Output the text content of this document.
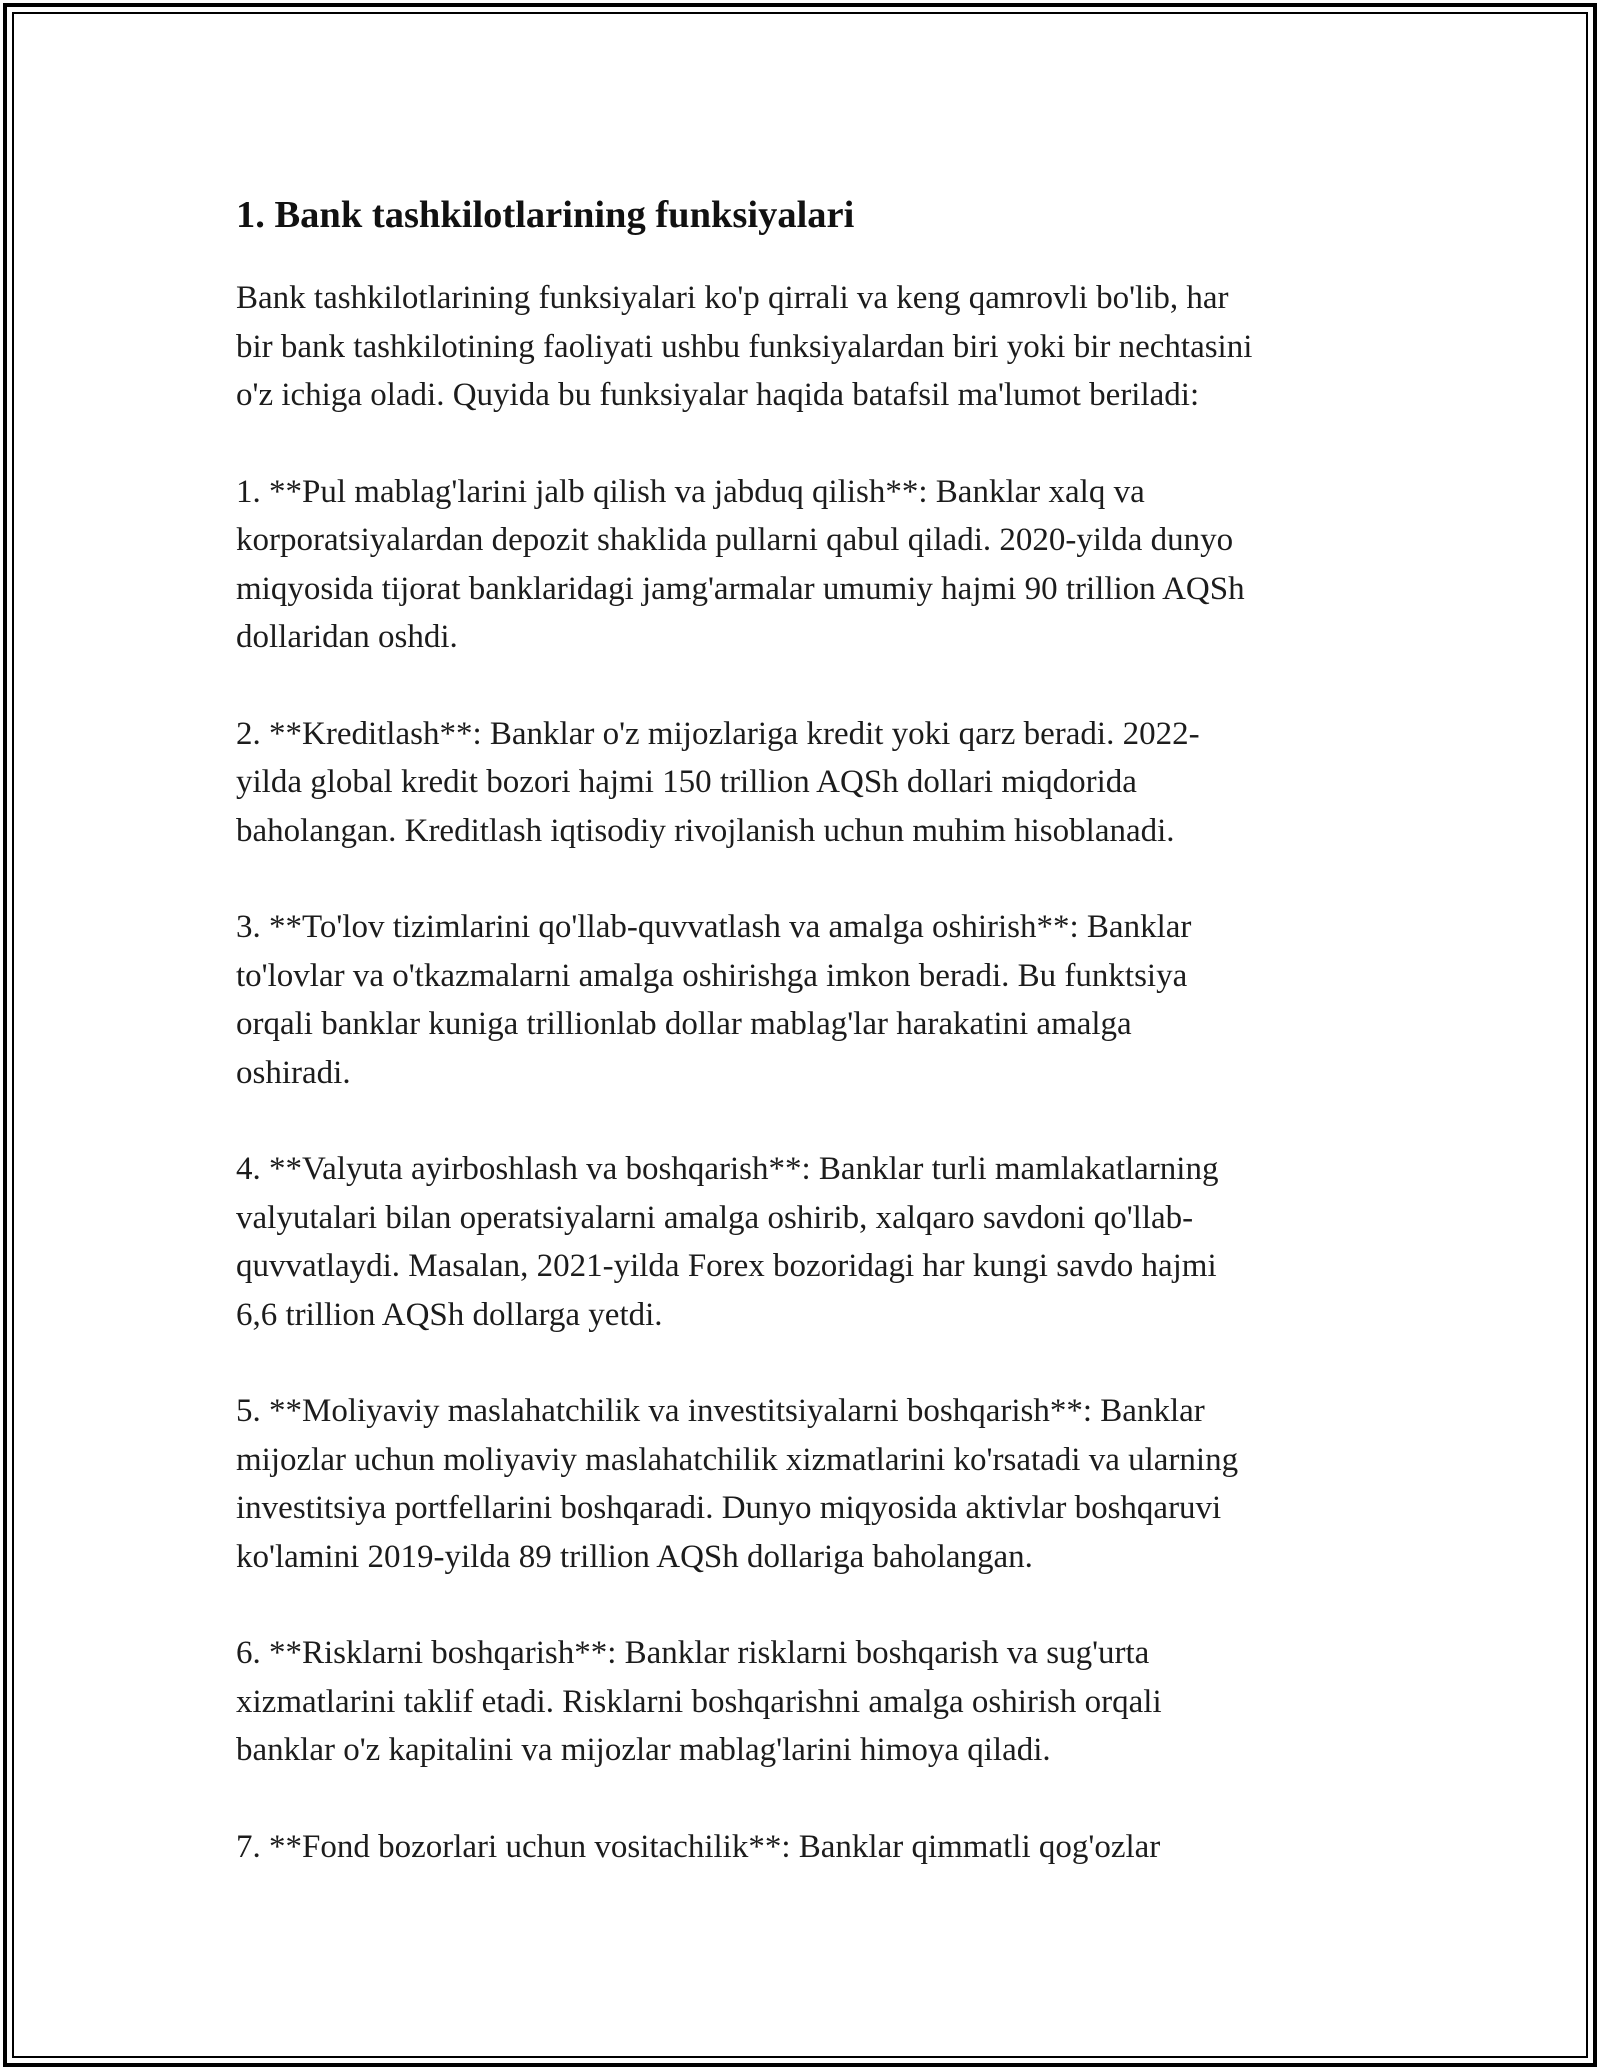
1. Bank tashkilotlarining funksiyalari

Bank tashkilotlarining funksiyalari ko'p qirrali va keng qamrovli bo'lib, har
bir bank tashkilotining faoliyati ushbu funksiyalardan biri yoki bir nechtasini
o'z ichiga oladi. Quyida bu funksiyalar haqida batafsil ma'lumot beriladi:

1. **Pul mablag'larini jalb qilish va jabduq qilish**: Banklar xalq va
korporatsiyalardan depozit shaklida pullarni qabul qiladi. 2020-yilda dunyo
miqyosida tijorat banklaridagi jamg'armalar umumiy hajmi 90 trillion AQSh
dollaridan oshdi.

2. **Kreditlash**: Banklar o'z mijozlariga kredit yoki qarz beradi. 2022-
yilda global kredit bozori hajmi 150 trillion AQSh dollari miqdorida
baholangan. Kreditlash iqtisodiy rivojlanish uchun muhim hisoblanadi.

3. **To'lov tizimlarini qo'llab-quvvatlash va amalga oshirish**: Banklar
to'lovlar va o'tkazmalarni amalga oshirishga imkon beradi. Bu funktsiya
orqali banklar kuniga trillionlab dollar mablag'lar harakatini amalga
oshiradi.

4. **Valyuta ayirboshlash va boshqarish**: Banklar turli mamlakatlarning
valyutalari bilan operatsiyalarni amalga oshirib, xalqaro savdoni qo'llab-
quvvatlaydi. Masalan, 2021-yilda Forex bozoridagi har kungi savdo hajmi
6,6 trillion AQSh dollarga yetdi.

5. **Moliyaviy maslahatchilik va investitsiyalarni boshqarish**: Banklar
mijozlar uchun moliyaviy maslahatchilik xizmatlarini ko'rsatadi va ularning
investitsiya portfellarini boshqaradi. Dunyo miqyosida aktivlar boshqaruvi
ko'lamini 2019-yilda 89 trillion AQSh dollariga baholangan.

6. **Risklarni boshqarish**: Banklar risklarni boshqarish va sug'urta
xizmatlarini taklif etadi. Risklarni boshqarishni amalga oshirish orqali
banklar o'z kapitalini va mijozlar mablag'larini himoya qiladi.

7. **Fond bozorlari uchun vositachilik**: Banklar qimmatli qog'ozlar
